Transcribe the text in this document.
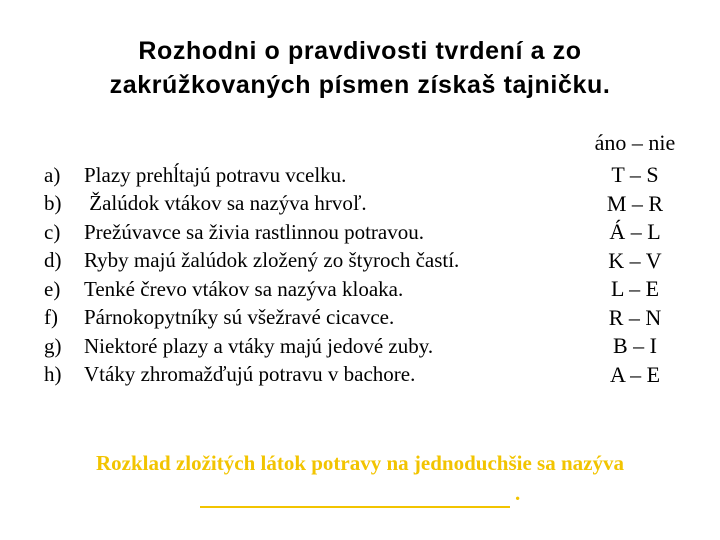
Rozhodni o pravdivosti tvrdení a zo
zakrúžkovaných písmen získaš tajničku.
áno – nie
a)	Plazy prehĺtajú potravu vcelku.	T – S
b)	Žalúdok vtákov sa nazýva hrvoľ.	M – R
c)	Prežúvavce sa živia rastlinnou potravou.	Á – L
d)	Ryby majú žalúdok zložený zo štyroch častí.	K – V
e)	Tenké črevo vtákov sa nazýva kloaka.	L – E
f)	Párnokopytníky sú všežravé cicavce.	R – N
g)	Niektoré plazy a vtáky majú jedové zuby.	B – I
h)	Vtáky zhromažďujú potravu v bachore.	A – E
Rozklad zložitých látok potravy na jednoduchšie sa nazýva
.
